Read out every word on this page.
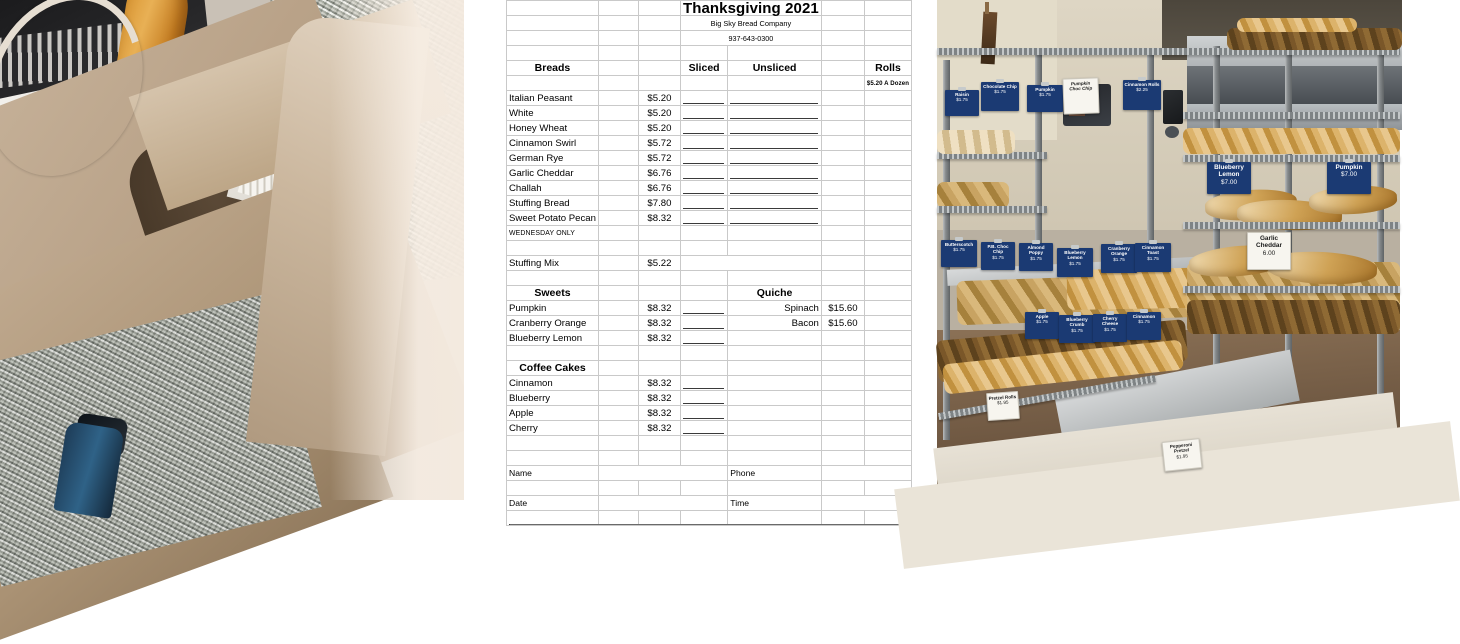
			Thanksgiving 2021			
			Big Sky Bread Company			
			937-643-0300			

Breads			Sliced	Unsliced		Rolls
						$5.20 A Dozen
Italian Peasant		$5.20				
White		$5.20				
Honey Wheat		$5.20				
Cinnamon Swirl		$5.72				
German Rye		$5.72				
Garlic Cheddar		$6.76				
Challah		$6.76				
Stuffing Bread		$7.80				
Sweet Potato Pecan		$8.32				
WEDNESDAY ONLY						

Stuffing Mix		$5.22				

Sweets				Quiche		
Pumpkin		$8.32		Spinach	$15.60	
Cranberry Orange		$8.32		Bacon	$15.60	
Blueberry Lemon		$8.32				

Coffee Cakes						
Cinnamon		$8.32				
Blueberry		$8.32				
Apple		$8.32				
Cherry		$8.32				

Name				Phone		

Date				Time		

Raisin
$1.75
Chocolate Chip
$1.75	Pumpkin
$1.75
Cinnamon Rolls
$2.25
Pumpkin Choc Chip
Butterscotch
$1.75
P.B. Choc Chip
$1.75
Almond Poppy
$1.75
Blueberry Lemon
$1.75
Cranberry Orange
$1.75
Cinnamon Toast
$1.75
Blueberry Lemon
$7.00
Pumpkin
$7.00
Garlic Cheddar
6.00
Apple
$1.75	Blueberry Crumb
$1.75
Cherry Cheese
$1.75
Cinnamon
$1.75
Pretzel Rolls
$1.95
Pepperoni Pretzel
$1.95
